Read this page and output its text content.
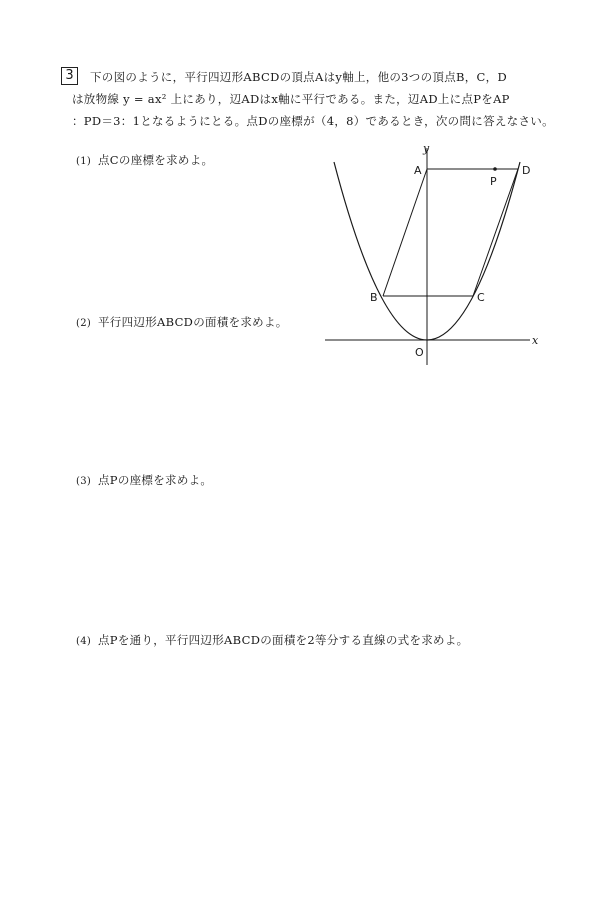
3	下の図のように，平行四辺形ABCDの頂点Aはy軸上，他の3つの頂点B，C，D
は放物線 y = ax² 上にあり，辺ADはx軸に平行である。また，辺AD上に点PをAP
：PD＝3：1となるようにとる。点Dの座標が（4，8）であるとき，次の問に答えなさい。
(1) 点Cの座標を求めよ。
(2) 平行四辺形ABCDの面積を求めよ。
(3) 点Pの座標を求めよ。
(4) 点Pを通り，平行四辺形ABCDの面積を2等分する直線の式を求めよ。
y
x
O
A
B	C
D
P
